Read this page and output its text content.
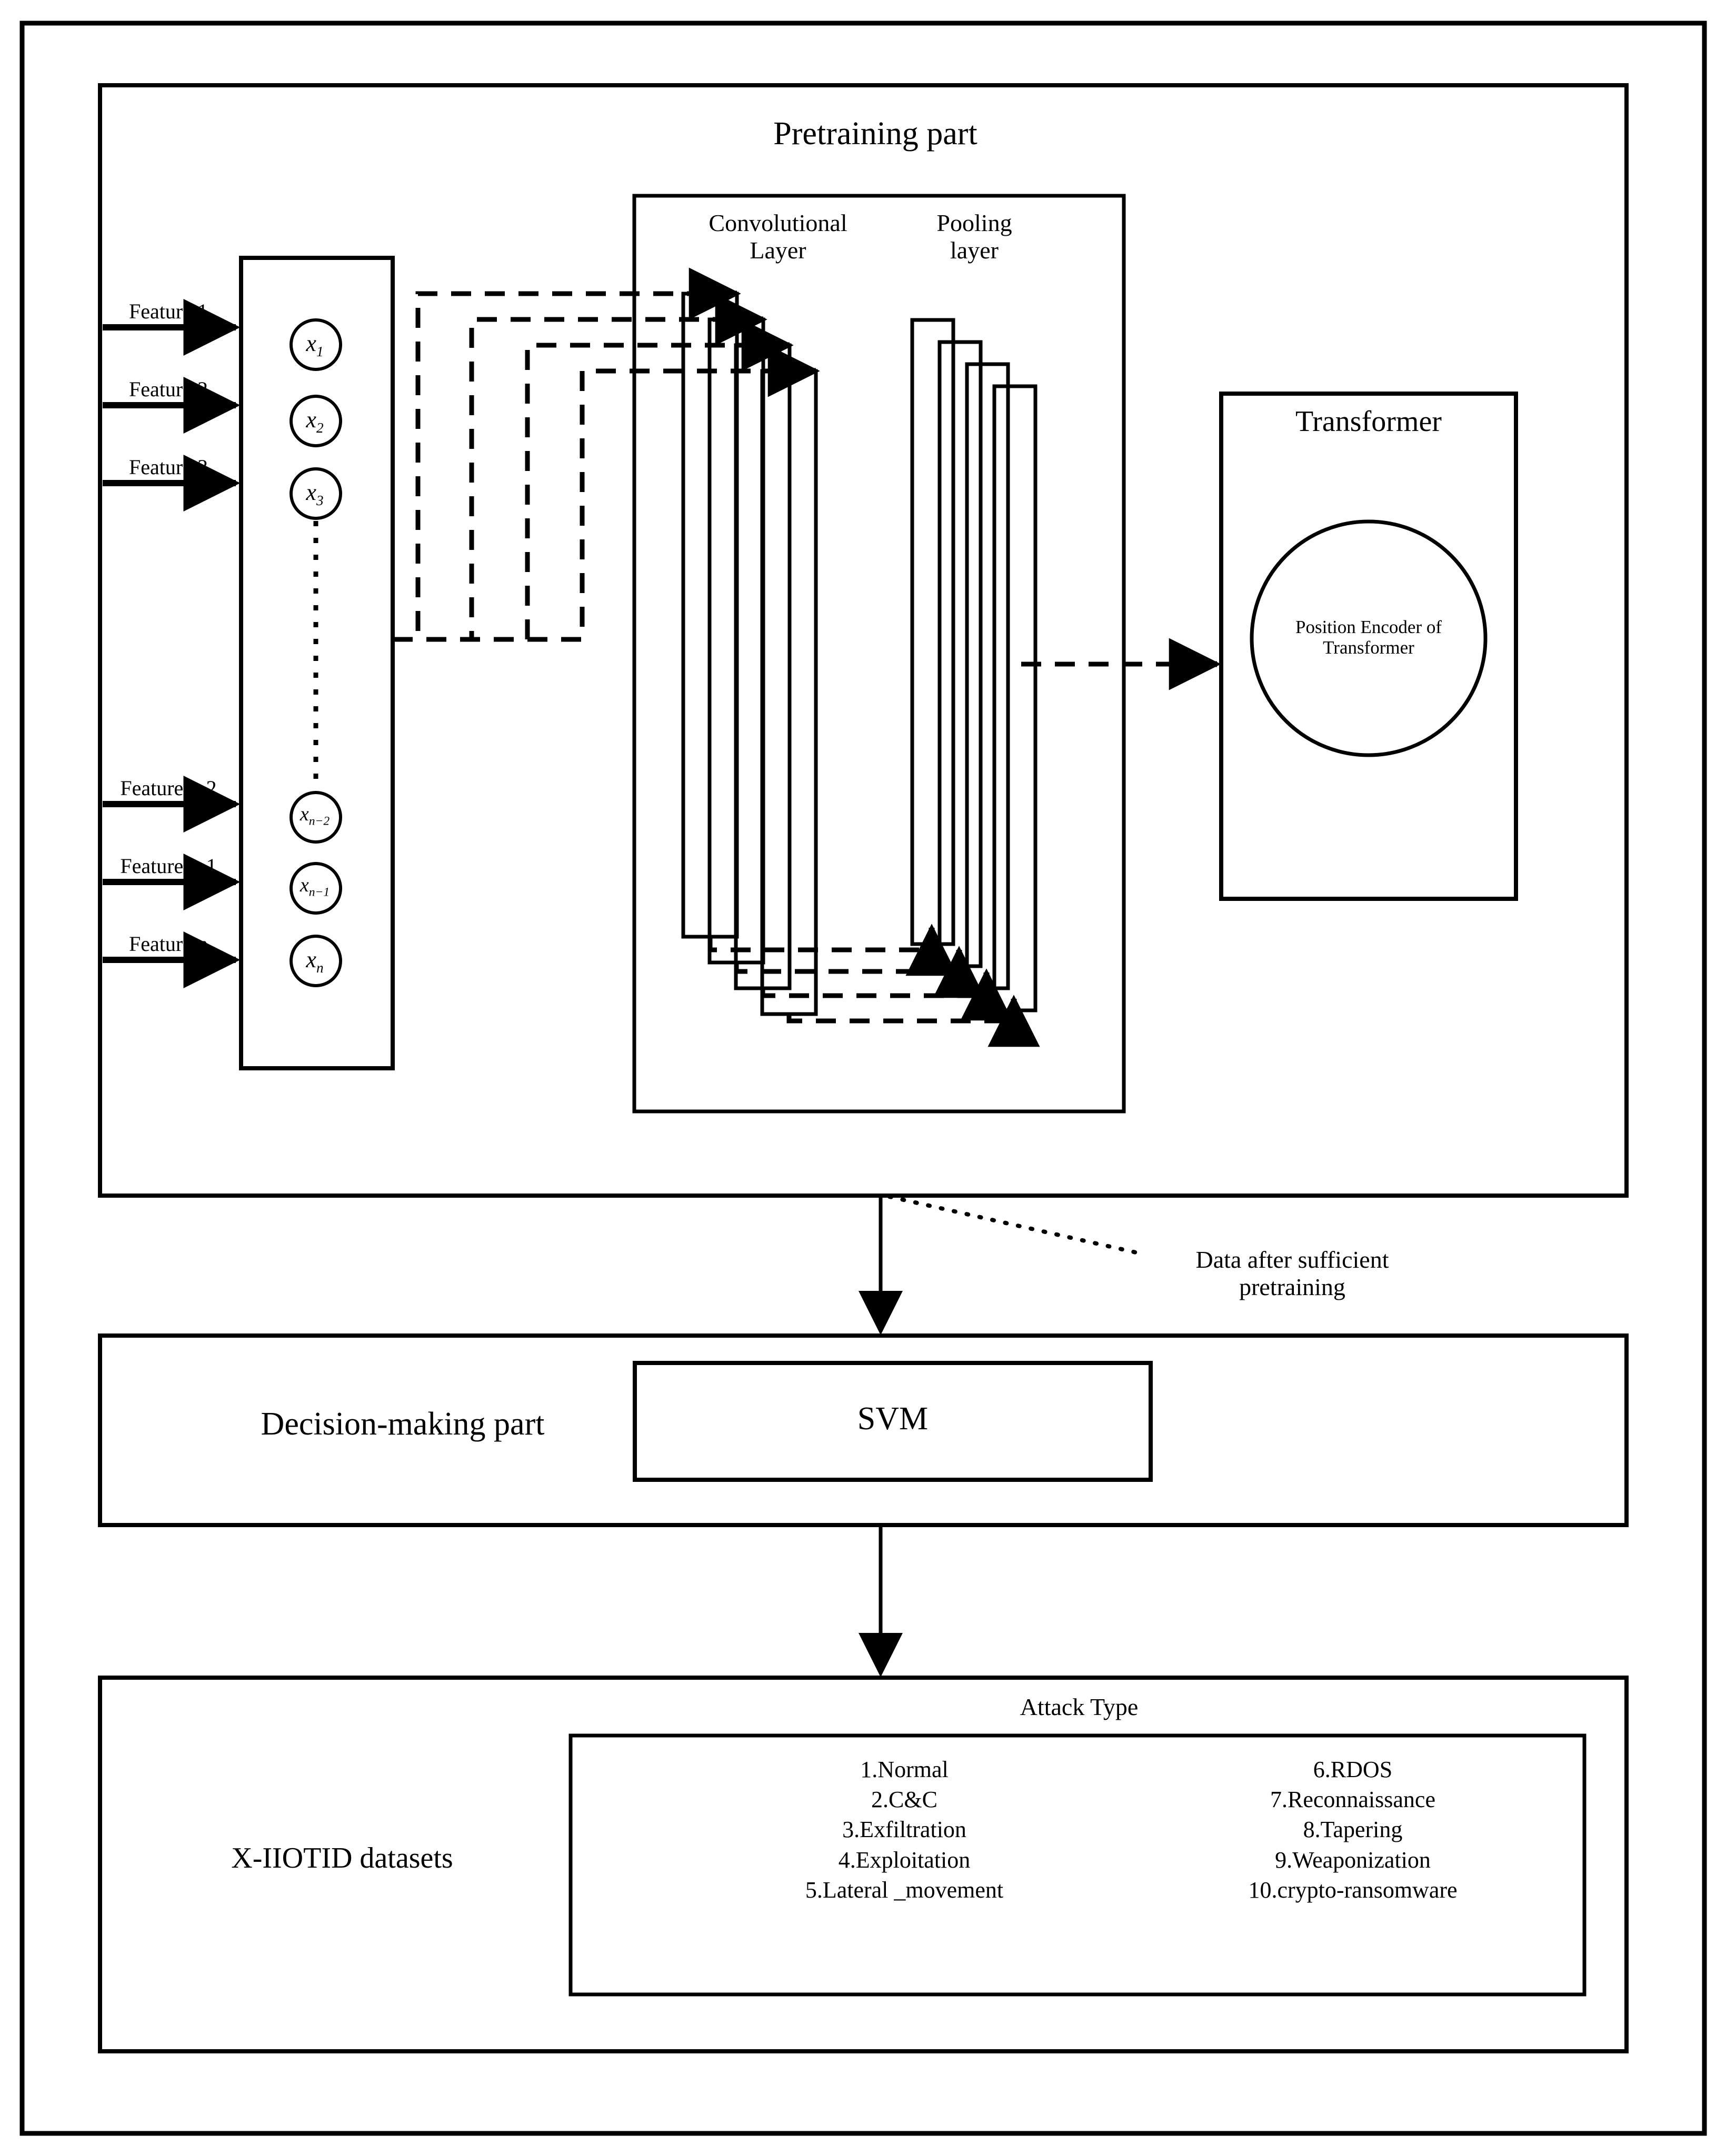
Pretraining part
Convolutional
Layer
Pooling
layer
Feature 1
Feature 2
Feature 3
Feature n-2
Feature n-1
Feature n
$x_1$
$x_2$
$x_3$
$x_{n-2}$
$x_{n-1}$
$x_n$
Transformer
Position Encoder of
Transformer
Data after sufficient
pretraining
Decision-making part	SVM
X-IIOTID datasets
Attack Type
1.Normal
2.C&C
3.Exfiltration
4.Exploitation
5.Lateral _movement
6.RDOS
7.Reconnaissance
8.Tapering
9.Weaponization
10.crypto-ransomware
